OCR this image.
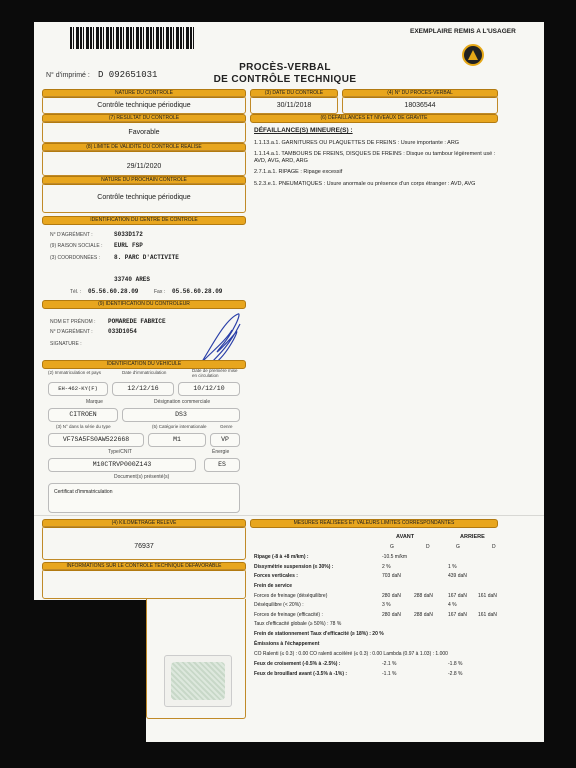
EXEMPLAIRE REMIS A L'USAGER
PROCÈS-VERBAL
DE CONTRÔLE TECHNIQUE
N° d'imprimé : D 092651031
NATURE DU CONTRÔLE
Contrôle technique périodique
(3) DATE DU CONTRÔLE
30/11/2018
(4) N° DU PROCÈS-VERBAL
18036544
(7) RÉSULTAT DU CONTRÔLE
Favorable
(8) LIMITE DE VALIDITÉ DU CONTRÔLE RÉALISÉ
29/11/2020
NATURE DU PROCHAIN CONTRÔLE
Contrôle technique périodique
(6) DÉFAILLANCES ET NIVEAUX DE GRAVITÉ
DÉFAILLANCE(S) MINEURE(S) :
1.1.13.a.1. GARNITURES OU PLAQUETTES DE FREINS : Usure importante : ARG
1.1.14.a.1. TAMBOURS DE FREINS, DISQUES DE FREINS : Disque ou tambour légèrement usé : AVD, AVG, ARD, ARG
2.7.1.a.1. RIPAGE : Ripage excessif
5.2.3.e.1. PNEUMATIQUES : Usure anormale ou présence d'un corps étranger : AVD, AVG
IDENTIFICATION DU CENTRE DE CONTRÔLE
N° D'AGRÉMENT :	S033D172
(9) RAISON SOCIALE : EURL FSP
(3) COORDONNÉES : 8. PARC D'ACTIVITE
33740 ARES
Tél. : 05.56.60.28.09	Fax : 05.56.60.28.09
(9) IDENTIFICATION DU CONTRÔLEUR
NOM ET PRÉNOM : POMAREDE FABRICE
N° D'AGRÉMENT :	033D1054
SIGNATURE :
IDENTIFICATION DU VÉHICULE
(2) Immatriculation et pays	Date d'immatriculation	Date de première mise en circulation
EH-462-KY(F)	12/12/16	10/12/10
Marque	Désignation commerciale
CITROEN	DS3
(3) N° dans la série du type	(5) Catégorie internationale	Genre
VF7SA5FS0AW522668	M1	VP
Type/CNIT	Énergie
M10CTRVP000Z143	ES
Document(s) présenté(s)
Certificat d'immatriculation
(4) KILOMÉTRAGE RELEVÉ
76937
INFORMATIONS SUR LE CONTRÔLE TECHNIQUE DÉFAVORABLE
MESURES RÉALISÉES ET VALEURS LIMITES CORRESPONDANTES
AVANT	ARRIERE
G	D	G	D
Ripage (-8 à +8 m/km) :	-10.5 m/km
Dissymétrie suspension (≤ 30%) :	2 %	1 %
Forces verticales :	703 daN	439 daN
Frein de service
Forces de freinage (déséquilibre)	280 daN	288 daN	167 daN 161 daN
Déséquilibre (< 20%) :	3 %	4 %
Forces de freinage (efficacité) :	280 daN	288 daN	167 daN 161 daN
Taux d'efficacité globale (≥ 50%) : 78 %
Frein de stationnement Taux d'efficacité (≥ 18%) : 20 %
Émissions à l'échappement
CO Ralenti (≤ 0.3) : 0.00 CO ralenti accéléré (≤ 0.3) : 0.00 Lambda (0.97 à 1.03) : 1.000
Feux de croisement (-0.5% à -2.5%) :	-2.1 %	-1.8 %
Feux de brouillard avant (-3.5% à -1%) :	-1.1 %	-2.8 %
